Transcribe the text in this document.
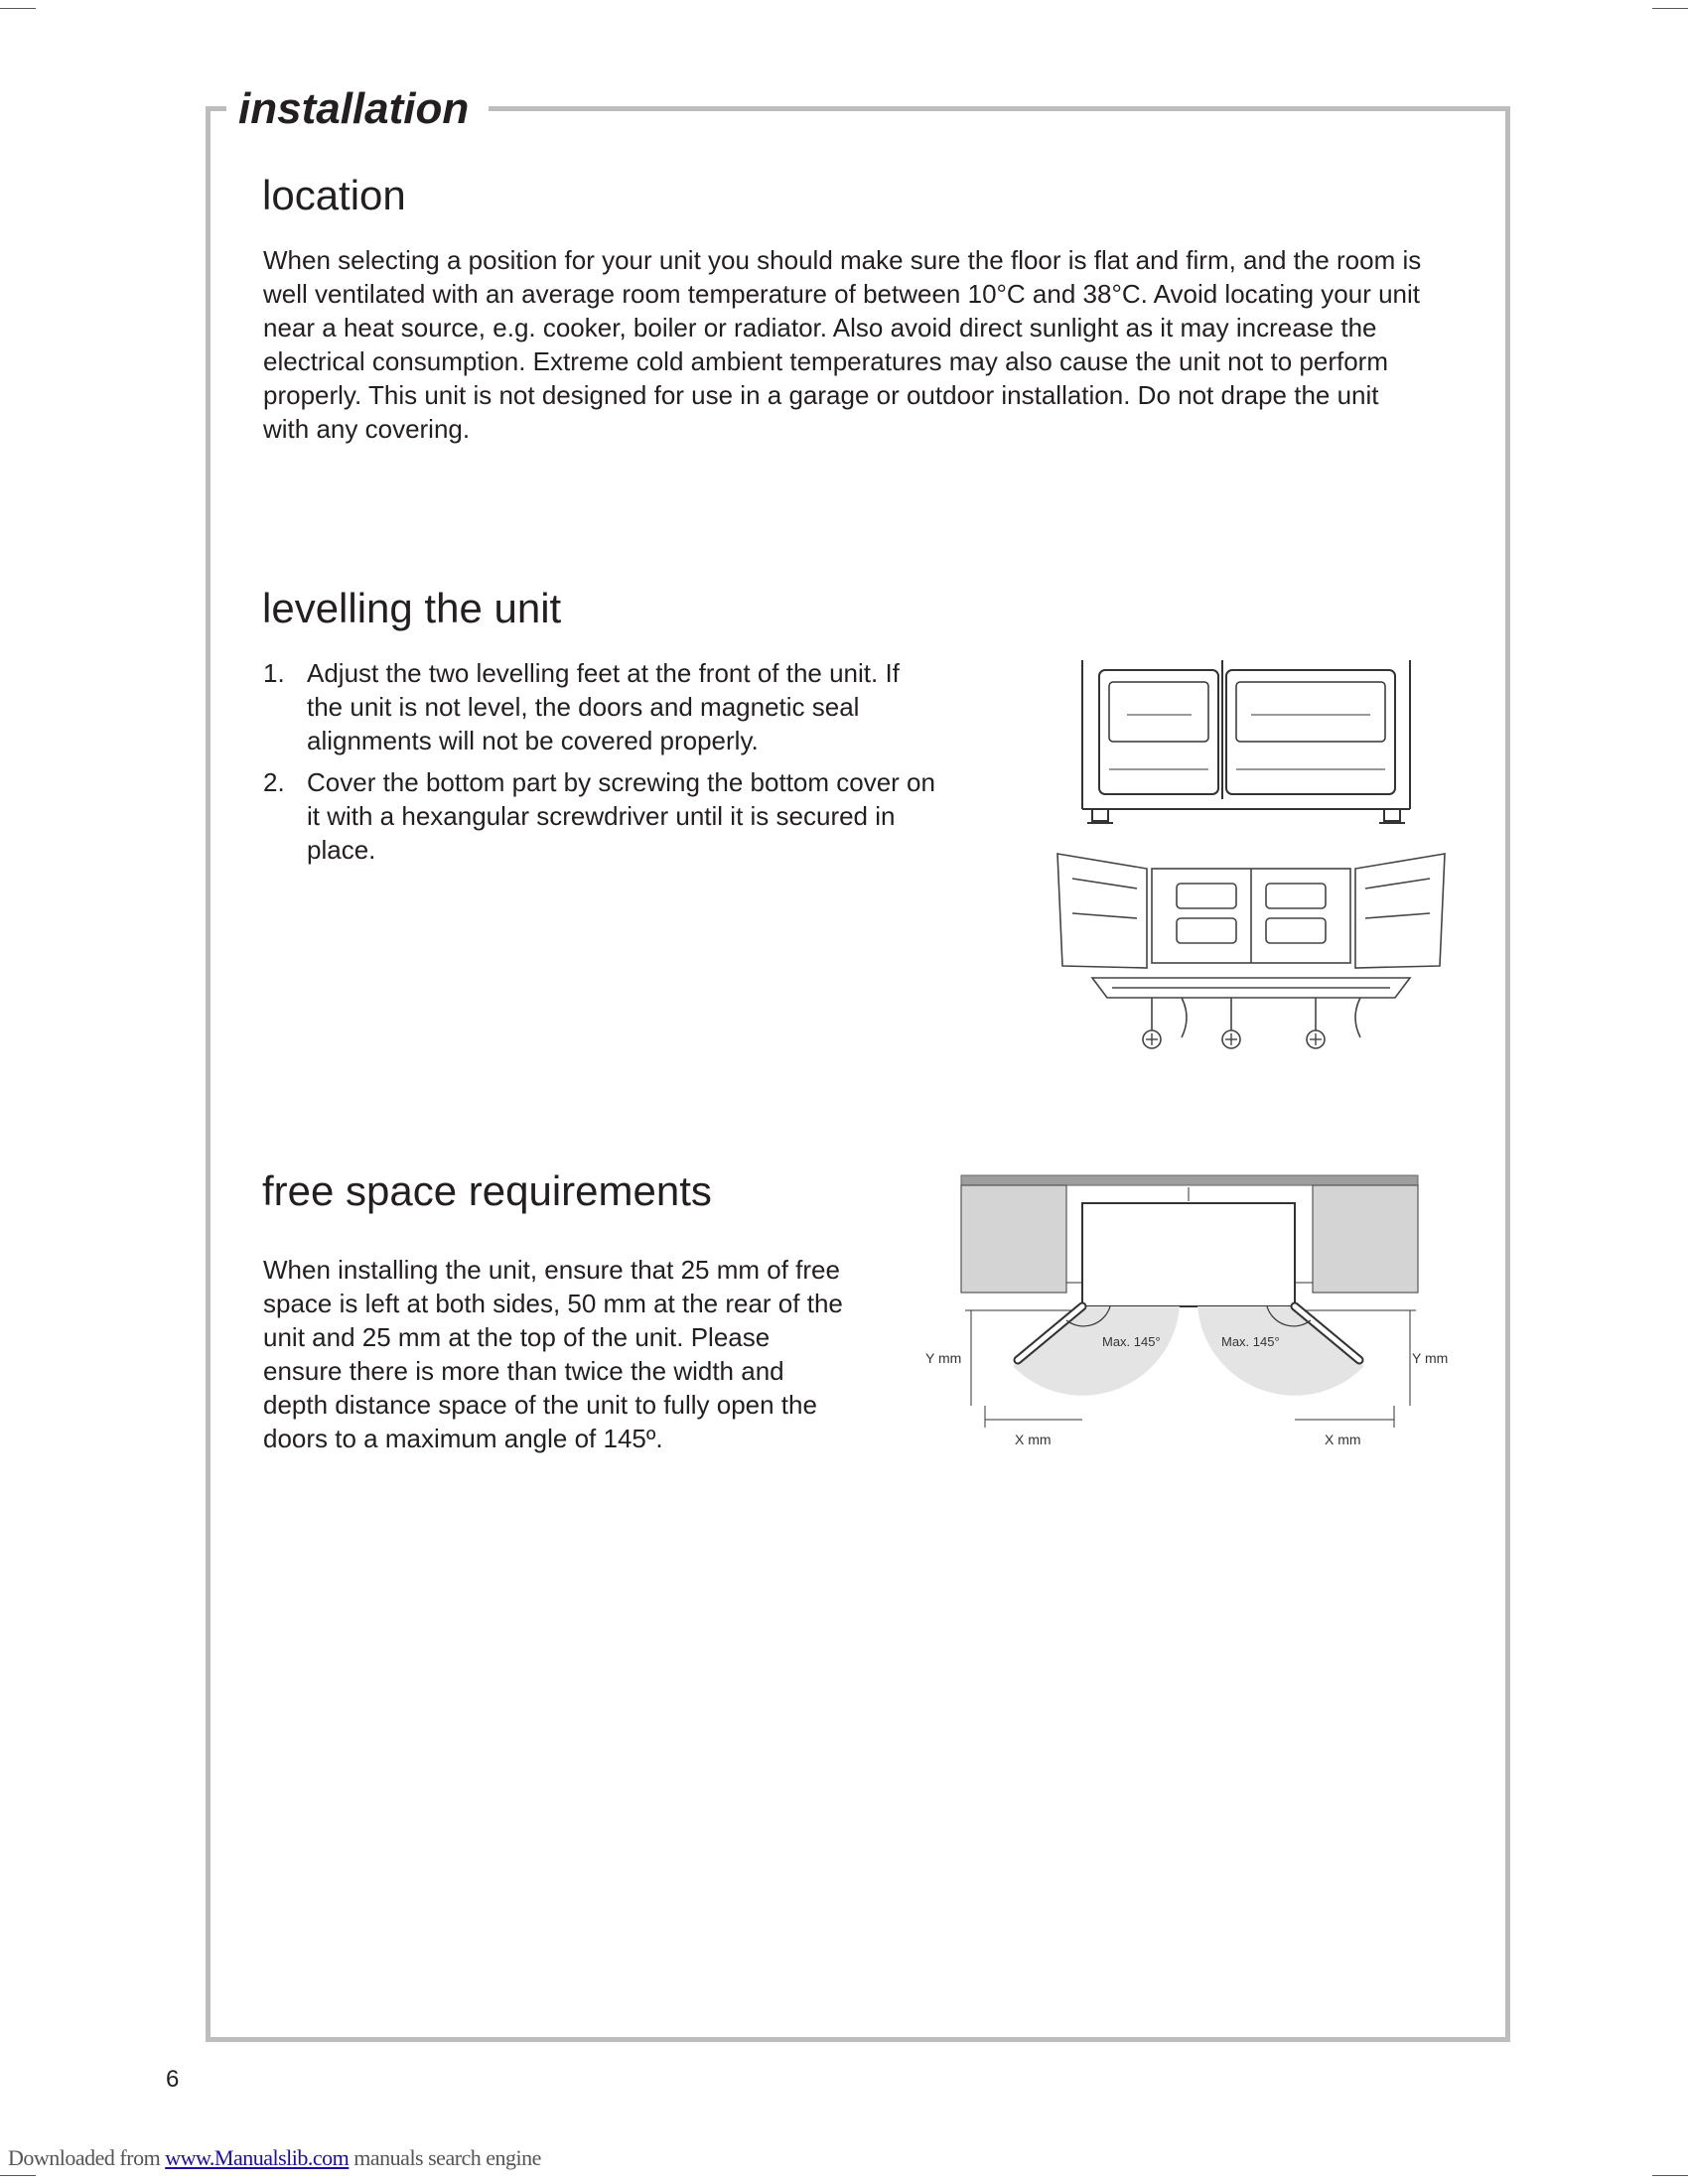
installation
location

When selecting a position for your unit you should make sure the floor is flat and firm, and the room is well ventilated with an average room temperature of between 10°C and 38°C. Avoid locating your unit near a heat source, e.g. cooker, boiler or radiator. Also avoid direct sunlight as it may increase the electrical consumption. Extreme cold ambient temperatures may also cause the unit not to perform properly. This unit is not designed for use in a garage or outdoor installation. Do not drape the unit with any covering.

levelling the unit
1. Adjust the two levelling feet at the front of the unit. If the unit is not level, the doors and magnetic seal alignments will not be covered properly.
2. Cover the bottom part by screwing the bottom cover on it with a hexangular screwdriver until it is secured in place.
free space requirements

When installing the unit, ensure that 25 mm of free space is left at both sides, 50 mm at the rear of the unit and 25 mm at the top of the unit. Please ensure there is more than twice the width and depth distance space of the unit to fully open the doors to a maximum angle of 145º.

Max. 145°	Max. 145°
Y mm	Y mm
X mm	X mm
6
Downloaded from www.Manualslib.com manuals search engine
